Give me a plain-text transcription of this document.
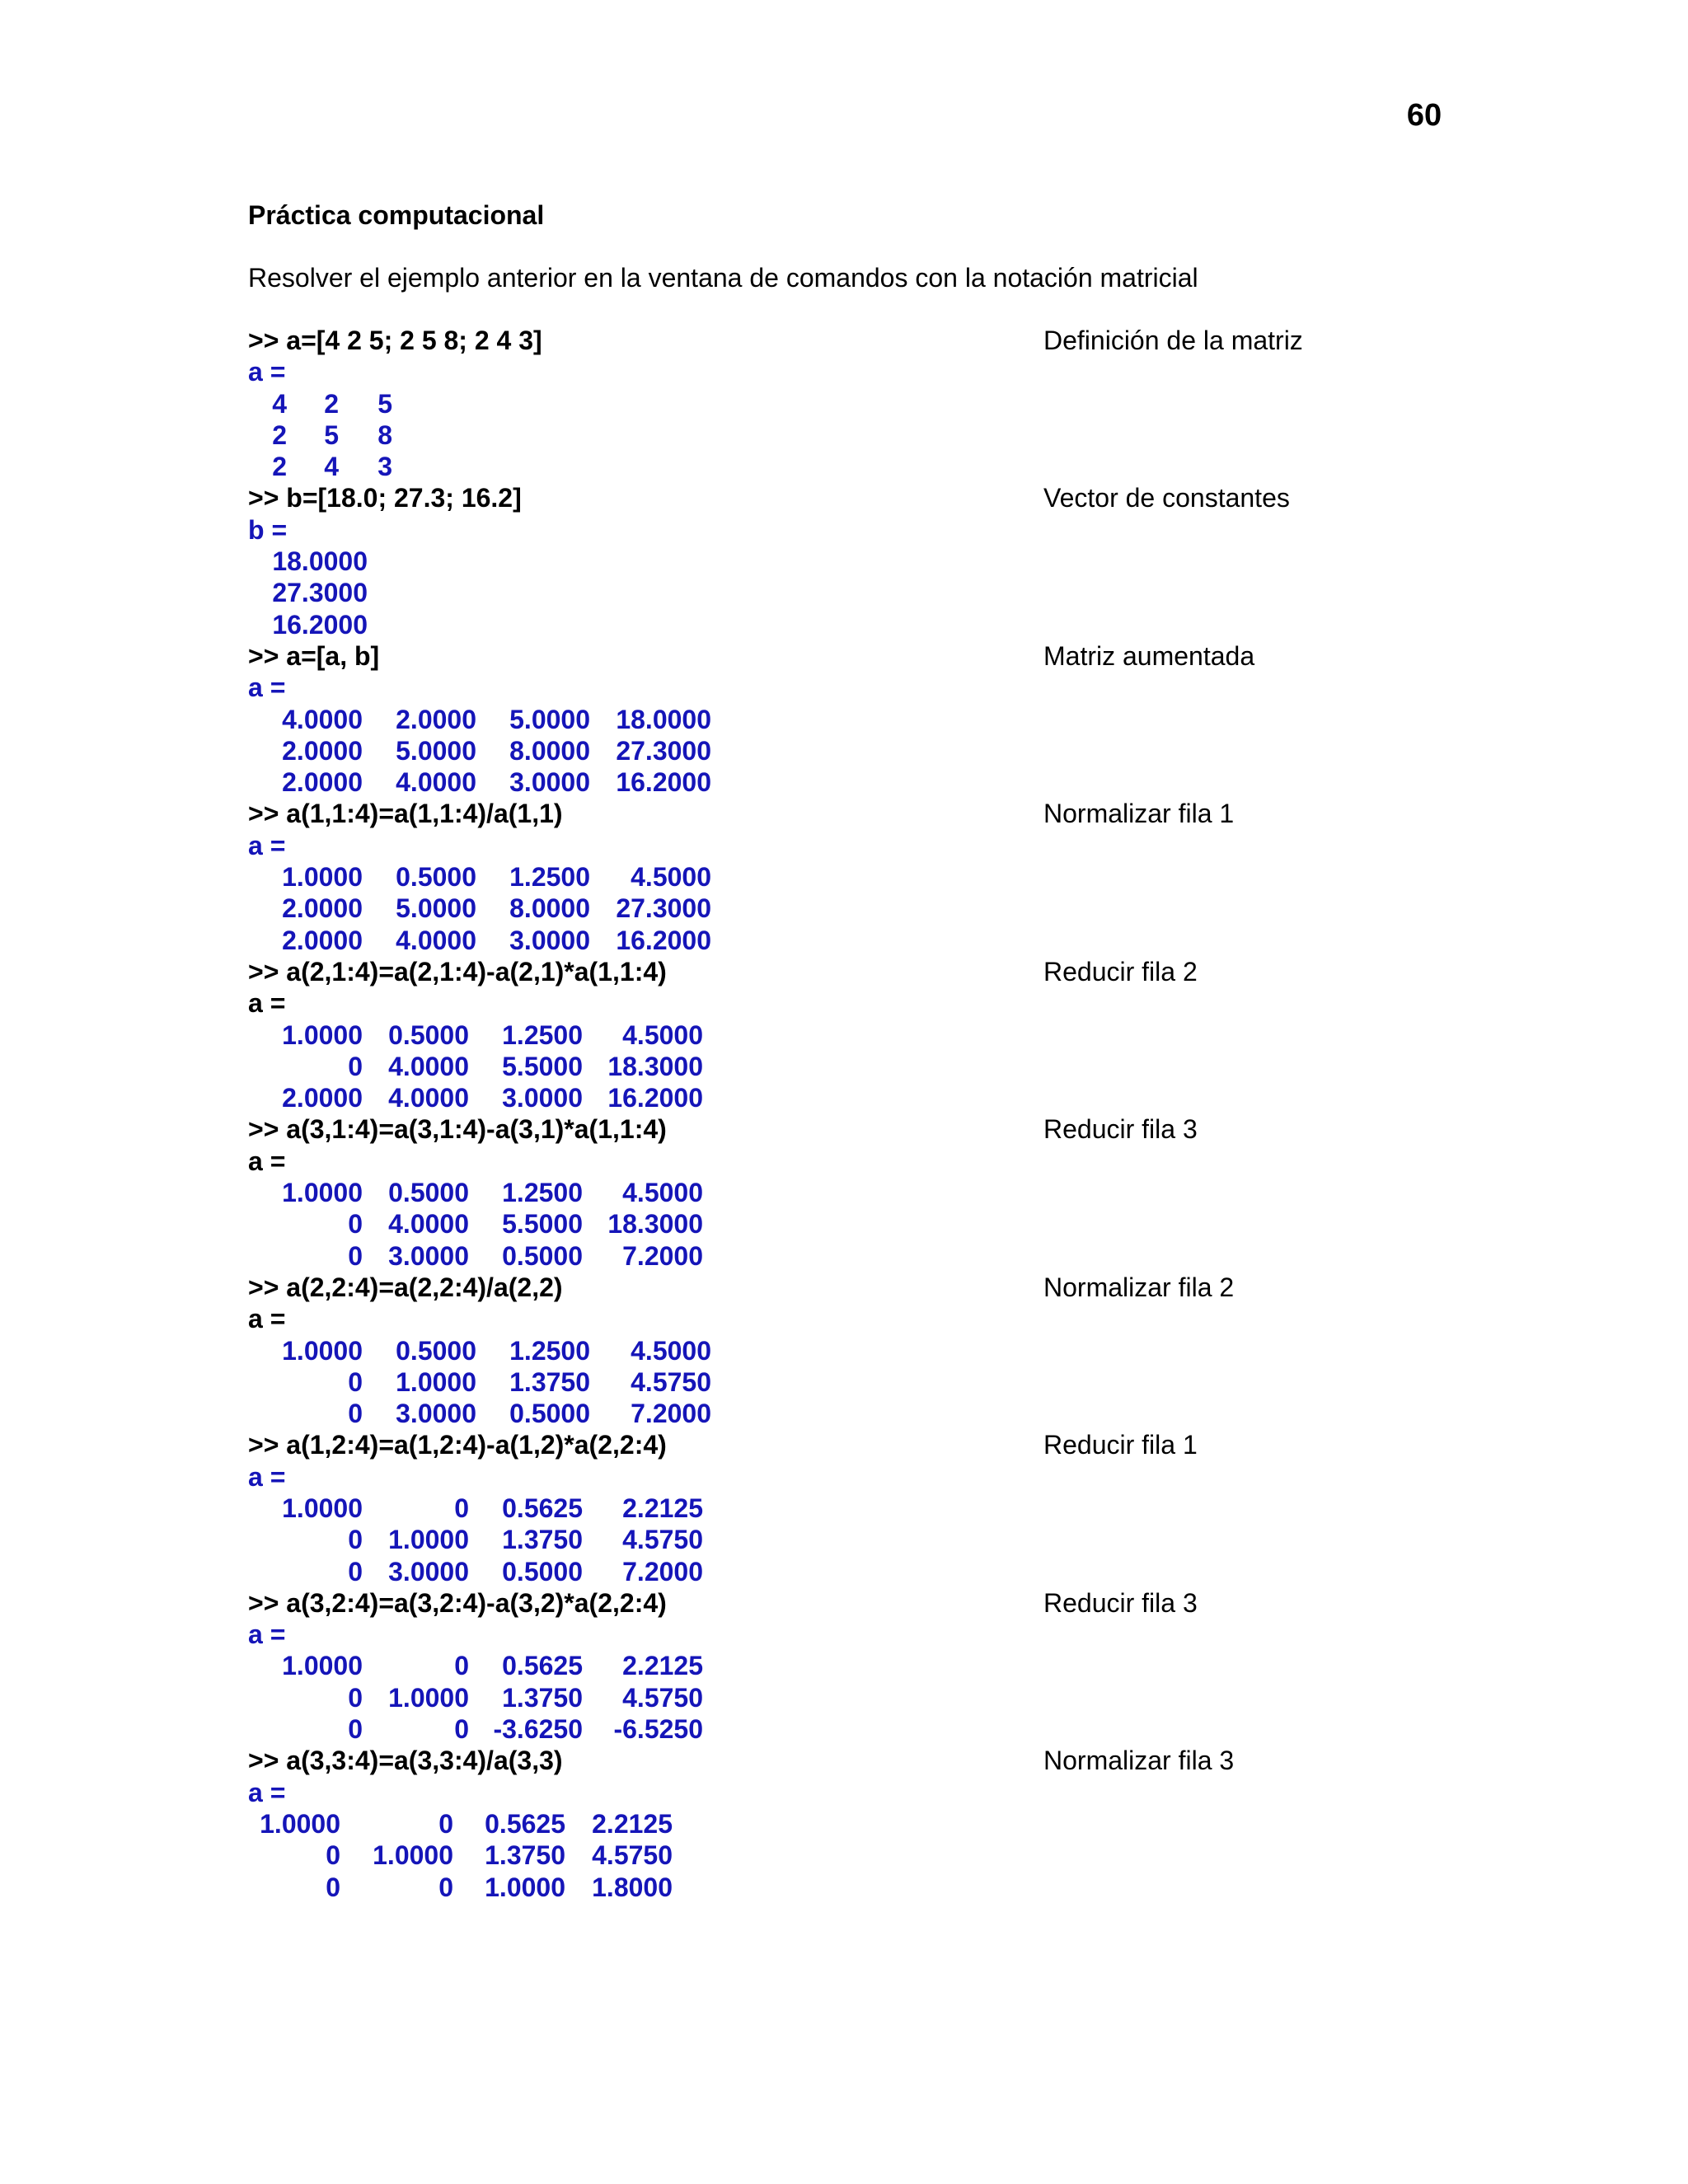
60
Práctica computacional
Resolver el ejemplo anterior en la ventana de comandos con la notación matricial
>> a=[4 2 5; 2 5 8; 2 4 3]	Definición de la matriz
a =
4	2	5
2	5	8
2	4	3
>> b=[18.0; 27.3; 16.2]	Vector de constantes
b =
18.0000
27.3000
16.2000
>> a=[a, b]	Matriz aumentada
a =
4.0000	2.0000	5.0000 18.0000
2.0000	5.0000	8.0000 27.3000
2.0000	4.0000	3.0000 16.2000
>> a(1,1:4)=a(1,1:4)/a(1,1)	Normalizar fila 1
a =
1.0000	0.5000	1.2500	4.5000
2.0000	5.0000	8.0000 27.3000
2.0000	4.0000	3.0000 16.2000
>> a(2,1:4)=a(2,1:4)-a(2,1)*a(1,1:4)	Reducir fila 2
a =
1.0000 0.5000	1.2500	4.5000
0 4.0000	5.5000 18.3000
2.0000 4.0000	3.0000 16.2000
>> a(3,1:4)=a(3,1:4)-a(3,1)*a(1,1:4)	Reducir fila 3
a =
1.0000 0.5000	1.2500	4.5000
0 4.0000	5.5000 18.3000
0 3.0000	0.5000	7.2000
>> a(2,2:4)=a(2,2:4)/a(2,2)	Normalizar fila 2
a =
1.0000	0.5000	1.2500	4.5000
0	1.0000	1.3750	4.5750
0	3.0000	0.5000	7.2000
>> a(1,2:4)=a(1,2:4)-a(1,2)*a(2,2:4)	Reducir fila 1
a =
1.0000	0	0.5625	2.2125
0 1.0000	1.3750	4.5750
0 3.0000	0.5000	7.2000
>> a(3,2:4)=a(3,2:4)-a(3,2)*a(2,2:4)	Reducir fila 3
a =
1.0000	0	0.5625	2.2125
0 1.0000	1.3750	4.5750
0	0 -3.6250	-6.5250
>> a(3,3:4)=a(3,3:4)/a(3,3)	Normalizar fila 3
a =
1.0000	0	0.5625	2.2125
0	1.0000	1.3750	4.5750
0	0	1.0000	1.8000
